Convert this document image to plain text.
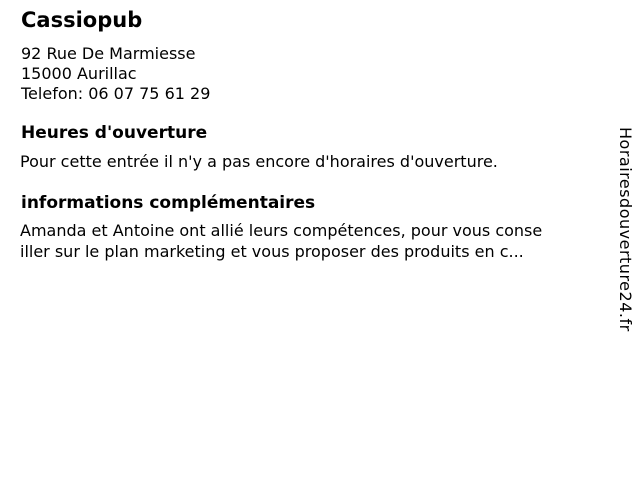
Cassiopub
92 Rue De Marmiesse
15000 Aurillac
Telefon: 06 07 75 61 29
Heures d'ouverture
Pour cette entrée il n'y a pas encore d'horaires d'ouverture.
informations complémentaires
Amanda et Antoine ont allié leurs compétences, pour vous conse
iller sur le plan marketing et vous proposer des produits en c...	Horairesdouverture24.fr
